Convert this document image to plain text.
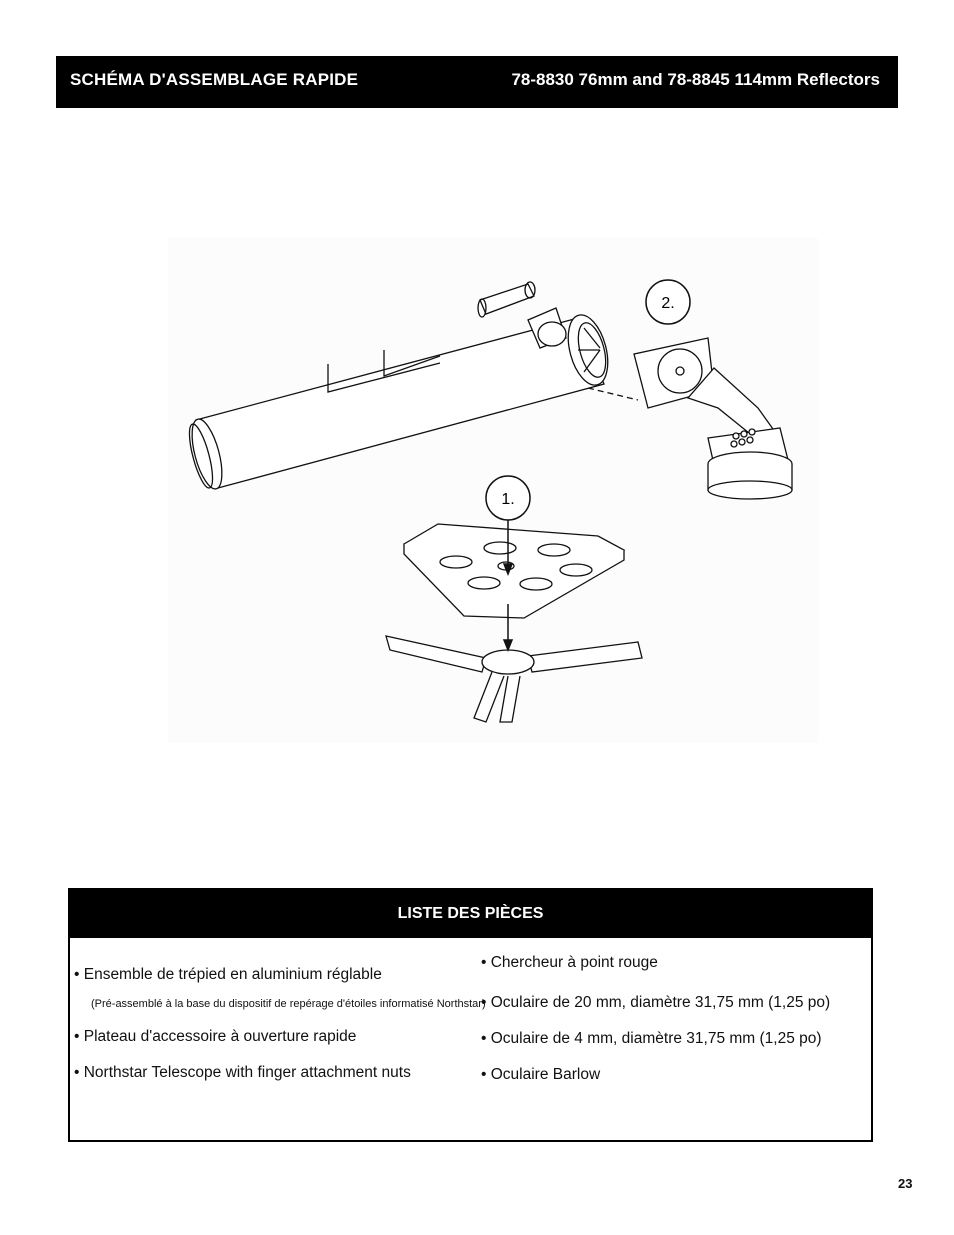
SCHÉMA D'ASSEMBLAGE RAPIDE	78-8830 76mm and 78-8845 114mm Reflectors
1.
2.
LISTE DES PIÈCES
• Ensemble de trépied en aluminium réglable
(Pré-assemblé à la base du dispositif de repérage d'étoiles informatisé Northstar)
• Plateau d'accessoire à ouverture rapide
• Northstar Telescope with finger attachment nuts
• Chercheur à point rouge
• Oculaire de 20 mm, diamètre 31,75 mm (1,25 po)
• Oculaire de 4 mm, diamètre 31,75 mm (1,25 po)
• Oculaire Barlow
23
